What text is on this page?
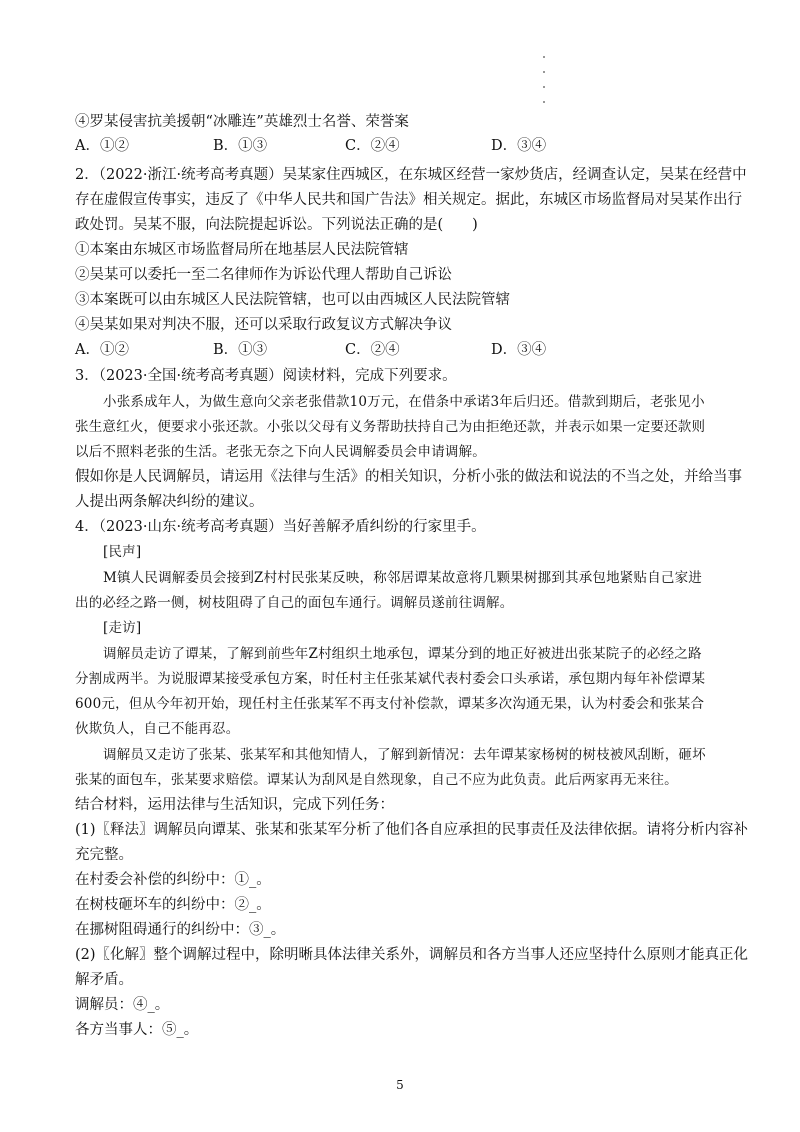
④罗某侵害抗美援朝“冰雕连”英雄烈士名誉、荣誉案
A．①②	B．①③	C．②④	D．③④
2．（2022·浙江·统考高考真题）吴某家住西城区，在东城区经营一家炒货店，经调查认定，吴某在经营中
存在虚假宣传事实，违反了《中华人民共和国广告法》相关规定。据此，东城区市场监督局对吴某作出行
政处罚。吴某不服，向法院提起诉讼。下列说法正确的是(　　)
①本案由东城区市场监督局所在地基层人民法院管辖
②吴某可以委托一至二名律师作为诉讼代理人帮助自己诉讼
③本案既可以由东城区人民法院管辖，也可以由西城区人民法院管辖
④吴某如果对判决不服，还可以采取行政复议方式解决争议
A．①②	B．①③	C．②④	D．③④
3．（2023·全国·统考高考真题）阅读材料，完成下列要求。
小张系成年人，为做生意向父亲老张借款10万元，在借条中承诺3年后归还。借款到期后，老张见小
张生意红火，便要求小张还款。小张以父母有义务帮助扶持自己为由拒绝还款，并表示如果一定要还款则
以后不照料老张的生活。老张无奈之下向人民调解委员会申请调解。
假如你是人民调解员，请运用《法律与生活》的相关知识，分析小张的做法和说法的不当之处，并给当事
人提出两条解决纠纷的建议。
4．（2023·山东·统考高考真题）当好善解矛盾纠纷的行家里手。
[民声]
M镇人民调解委员会接到Z村村民张某反映，称邻居谭某故意将几颗果树挪到其承包地紧贴自己家进
出的必经之路一侧，树枝阻碍了自己的面包车通行。调解员遂前往调解。
[走访]
调解员走访了谭某，了解到前些年Z村组织土地承包，谭某分到的地正好被进出张某院子的必经之路
分割成两半。为说服谭某接受承包方案，时任村主任张某斌代表村委会口头承诺，承包期内每年补偿谭某
600元，但从今年初开始，现任村主任张某军不再支付补偿款，谭某多次沟通无果，认为村委会和张某合
伙欺负人，自己不能再忍。
调解员又走访了张某、张某军和其他知情人，了解到新情况：去年谭某家杨树的树枝被风刮断，砸坏
张某的面包车，张某要求赔偿。谭某认为刮风是自然现象，自己不应为此负责。此后两家再无来往。
结合材料，运用法律与生活知识，完成下列任务：
(1)〖释法〗调解员向谭某、张某和张某军分析了他们各自应承担的民事责任及法律依据。请将分析内容补
充完整。
在村委会补偿的纠纷中：①_。
在树枝砸坏车的纠纷中：②_。
在挪树阻碍通行的纠纷中：③_。
(2)〖化解〗整个调解过程中，除明晰具体法律关系外，调解员和各方当事人还应坚持什么原则才能真正化
解矛盾。
调解员：④_。
各方当事人：⑤_。
5
